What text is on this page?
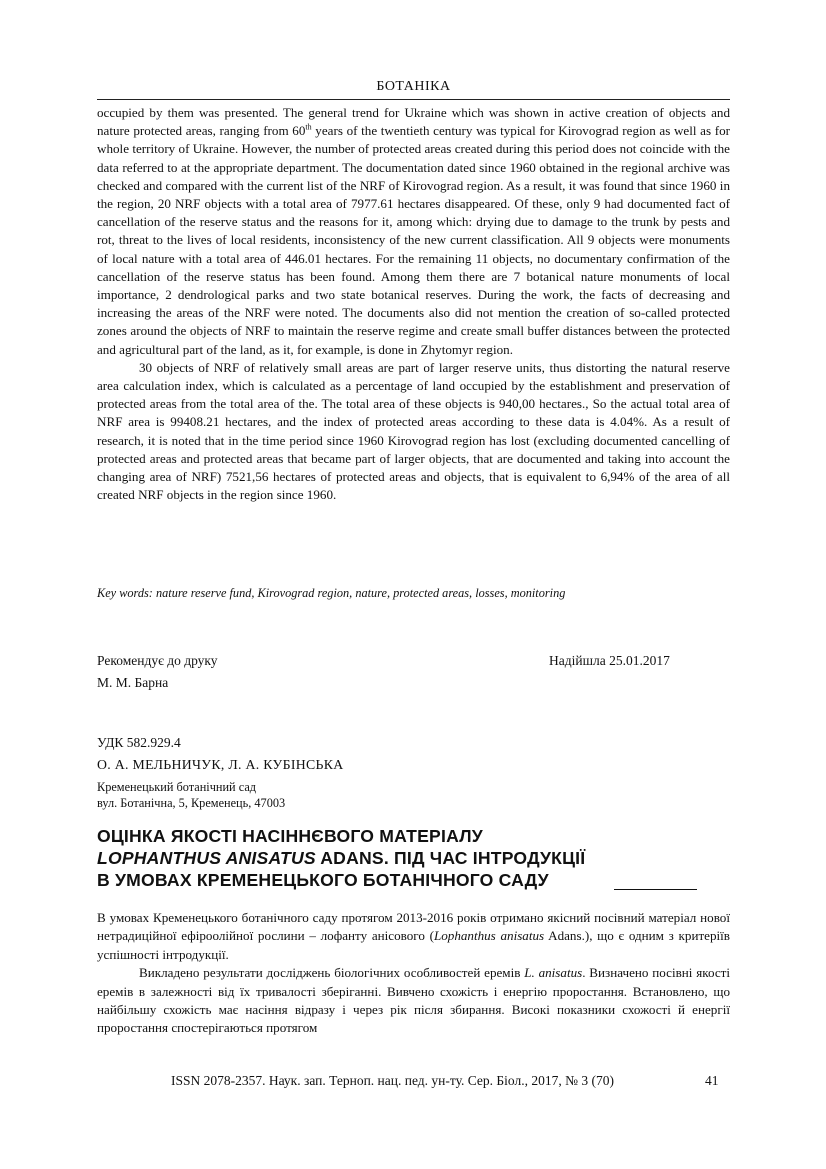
БОТАНІКА

occupied by them was presented. The general trend for Ukraine which was shown in active creation of objects and nature protected areas, ranging from 60th years of the twentieth century was typical for Kirovograd region as well as for whole territory of Ukraine. However, the number of protected areas created during this period does not coincide with the data referred to at the appropriate department. The documentation dated since 1960 obtained in the regional archive was checked and compared with the current list of the NRF of Kirovograd region. As a result, it was found that since 1960 in the region, 20 NRF objects with a total area of 7977.61 hectares disappeared. Of these, only 9 had documented fact of cancellation of the reserve status and the reasons for it, among which: drying due to damage to the trunk by pests and rot, threat to the lives of local residents, inconsistency of the new current classification. All 9 objects were monuments of local nature with a total area of 446.01 hectares. For the remaining 11 objects, no documentary confirmation of the cancellation of the reserve status has been found. Among them there are 7 botanical nature monuments of local importance, 2 dendrological parks and two state botanical reserves. During the work, the facts of decreasing and increasing the areas of the NRF were noted. The documents also did not mention the creation of so-called protected zones around the objects of NRF to maintain the reserve regime and create small buffer distances between the protected and agricultural part of the land, as it, for example, is done in Zhytomyr region.

30 objects of NRF of relatively small areas are part of larger reserve units, thus distorting the natural reserve area calculation index, which is calculated as a percentage of land occupied by the establishment and preservation of protected areas from the total area of the. The total area of these objects is 940,00 hectares., So the actual total area of NRF area is 99408.21 hectares, and the index of protected areas according to these data is 4.04%. As a result of research, it is noted that in the time period since 1960 Kirovograd region has lost (excluding documented cancelling of protected areas and protected areas that became part of larger objects, that are documented and taking into account the changing area of NRF) 7521,56 hectares of protected areas and objects, that is equivalent to 6,94% of the area of all created NRF objects in the region since 1960.

Key words: nature reserve fund, Kirovograd region, nature, protected areas, losses, monitoring
Рекомендує до друку	Надійшла 25.01.2017
М. М. Барна
УДК 582.929.4
О. А. МЕЛЬНИЧУК, Л. А. КУБІНСЬКА
Кременецький ботанічний сад
вул. Ботанічна, 5, Кременець, 47003
ОЦІНКА ЯКОСТІ НАСІННЄВОГО МАТЕРІАЛУ
LOPHANTHUS ANISATUS ADANS. ПІД ЧАС ІНТРОДУКЦІЇ
В УМОВАХ КРЕМЕНЕЦЬКОГО БОТАНІЧНОГО САДУ

В умовах Кременецького ботанічного саду протягом 2013-2016 років отримано якісний посівний матеріал нової нетрадиційної ефіроолійної рослини – лофанту анісового (Lophanthus anisatus Adans.), що є одним з критеріїв успішності інтродукції.

Викладено результати досліджень біологічних особливостей еремів L. anisatus. Визначено посівні якості еремів в залежності від їх тривалості зберіганні. Вивчено схожість і енергію проростання. Встановлено, що найбільшу схожість має насіння відразу і через рік після збирання. Високі показники схожості й енергії проростання спостерігаються протягом

ISSN 2078-2357. Наук. зап. Терноп. нац. пед. ун-ту. Сер. Біол., 2017, № 3 (70)	41
